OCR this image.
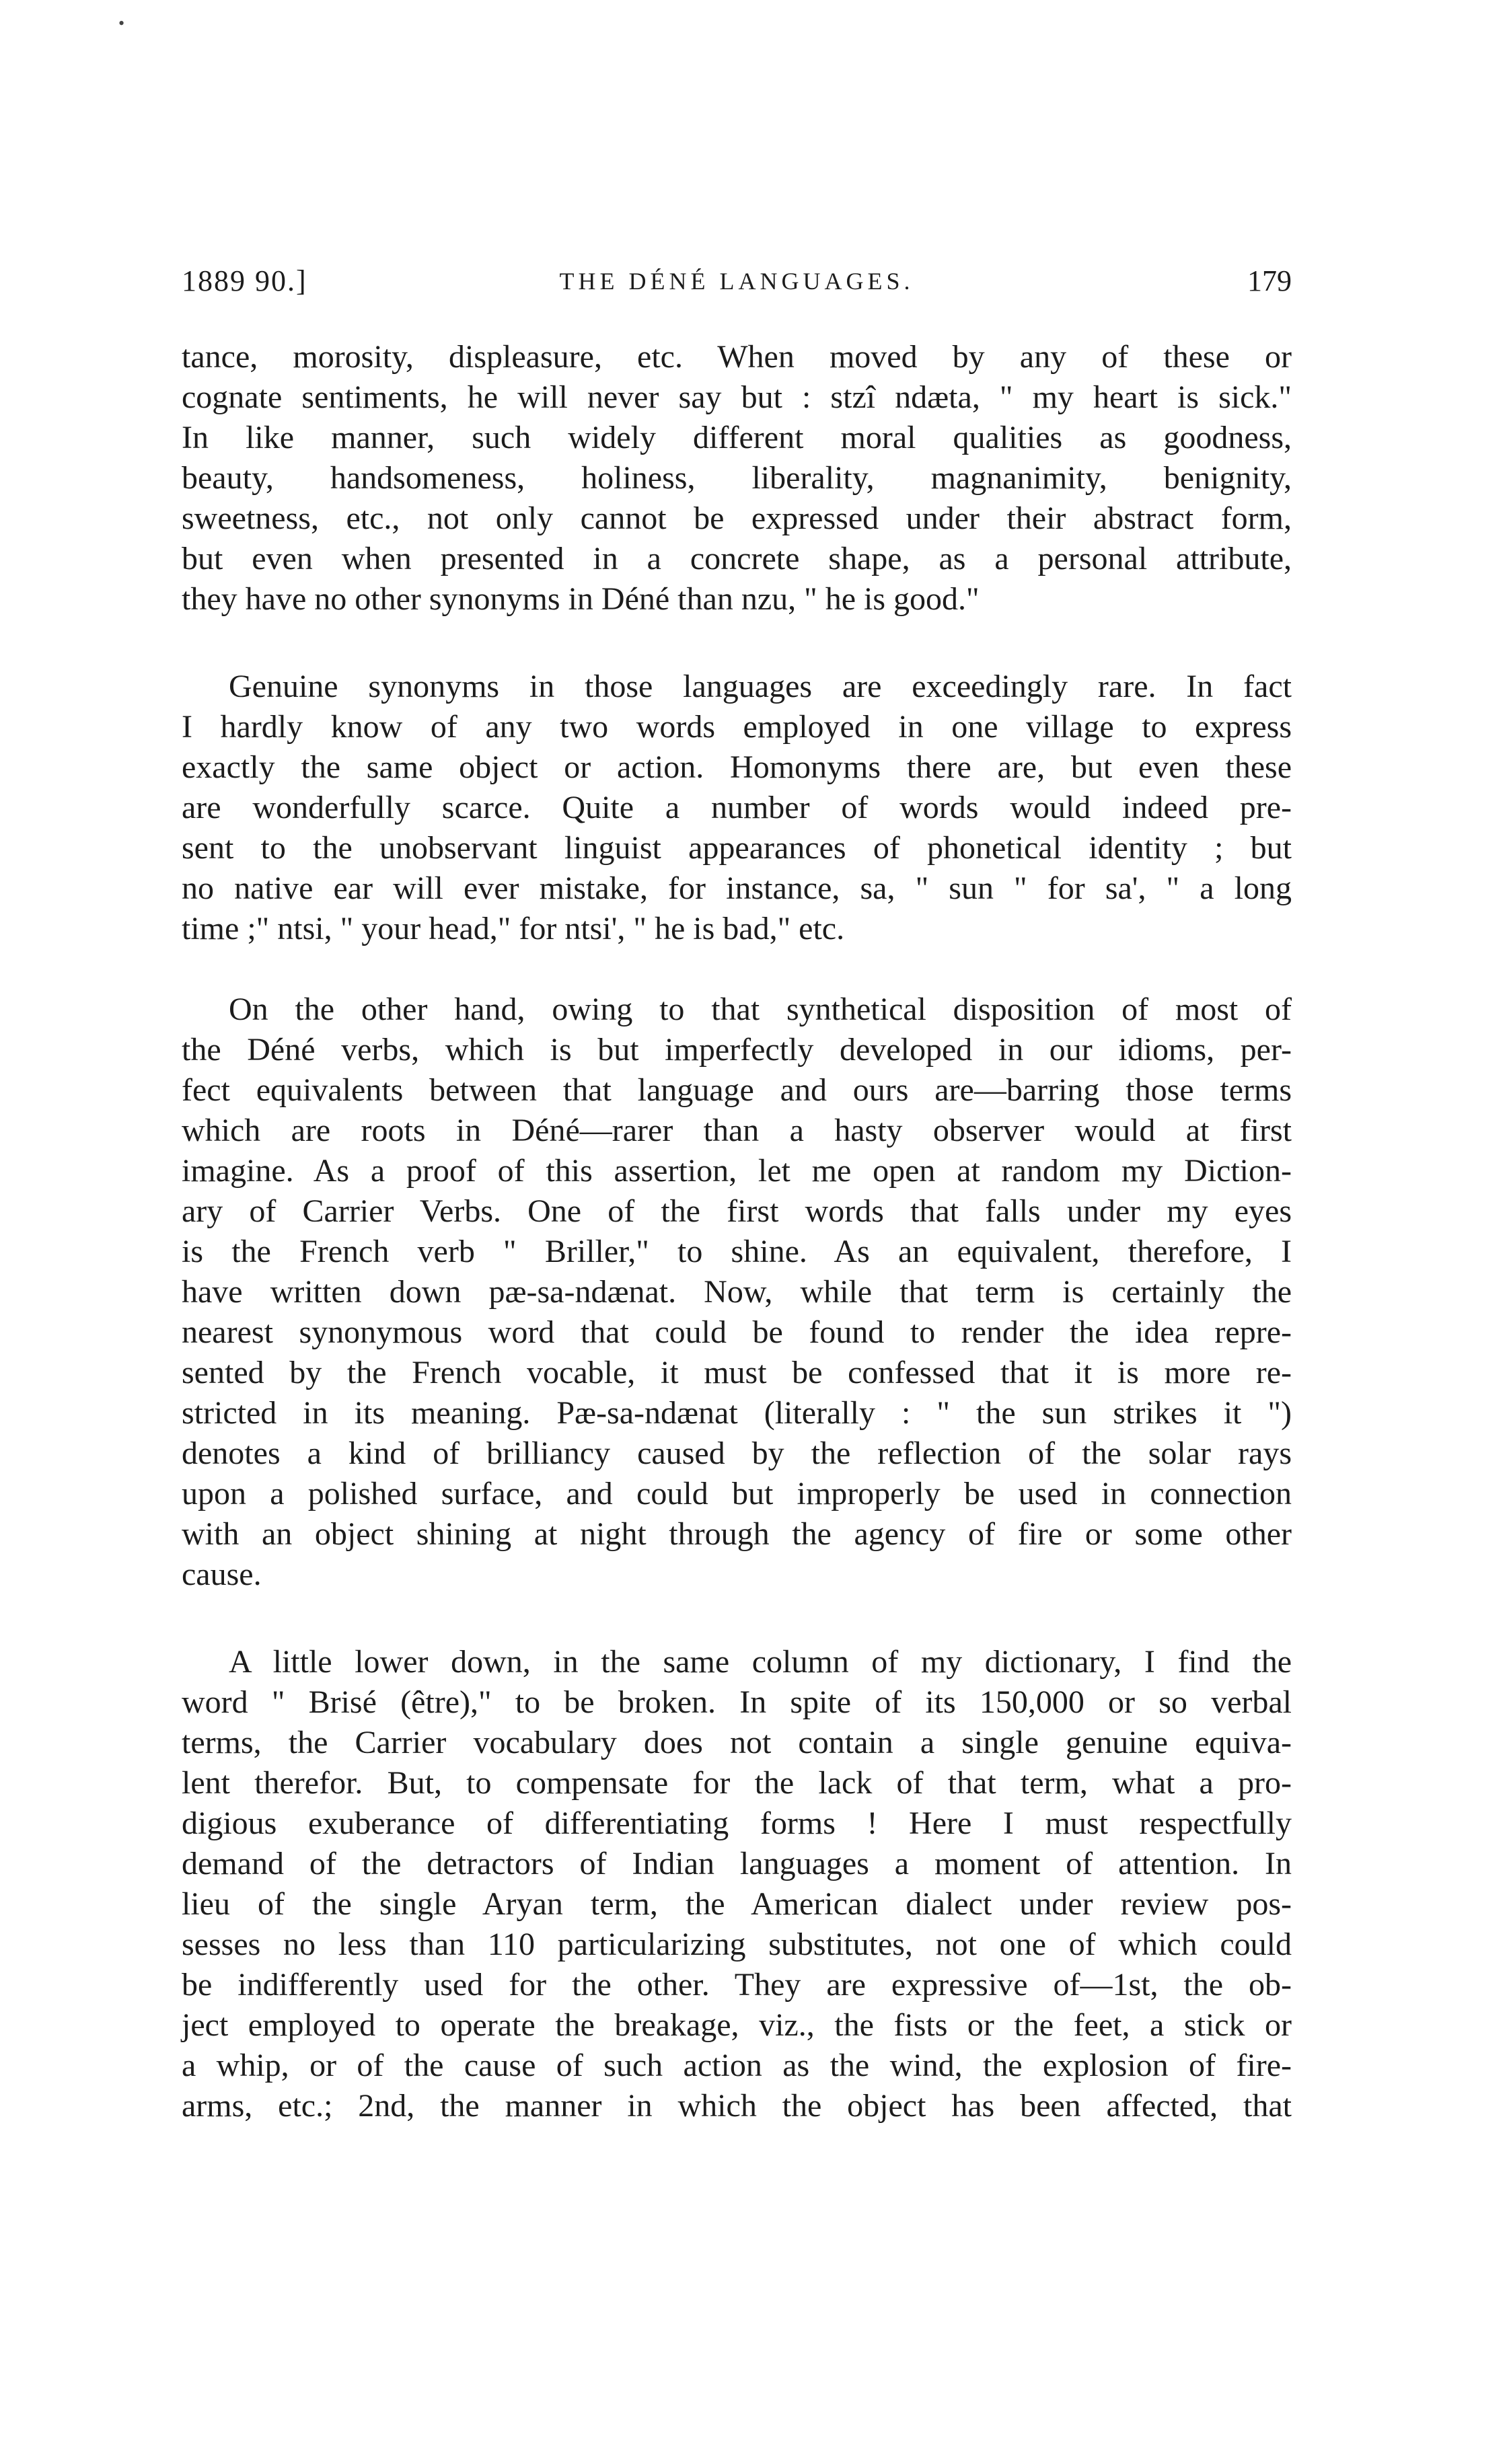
•
1889 90.]	THE DÉNÉ LANGUAGES.	179
tance, morosity, displeasure, etc. When moved by any of these or
cognate sentiments, he will never say but : stzî ndæta, " my heart is sick."
In like manner, such widely different moral qualities as goodness,
beauty, handsomeness, holiness, liberality, magnanimity, benignity,
sweetness, etc., not only cannot be expressed under their abstract form,
but even when presented in a concrete shape, as a personal attribute,
they have no other synonyms in Déné than nzu, " he is good."
Genuine synonyms in those languages are exceedingly rare. In fact
I hardly know of any two words employed in one village to express
exactly the same object or action. Homonyms there are, but even these
are wonderfully scarce. Quite a number of words would indeed pre-
sent to the unobservant linguist appearances of phonetical identity ; but
no native ear will ever mistake, for instance, sa, " sun " for sa', " a long
time ;" ntsi, " your head," for ntsi', " he is bad," etc.
On the other hand, owing to that synthetical disposition of most of
the Déné verbs, which is but imperfectly developed in our idioms, per-
fect equivalents between that language and ours are—barring those terms
which are roots in Déné—rarer than a hasty observer would at first
imagine. As a proof of this assertion, let me open at random my Diction-
ary of Carrier Verbs. One of the first words that falls under my eyes
is the French verb " Briller," to shine. As an equivalent, therefore, I
have written down pæ-sa-ndænat. Now, while that term is certainly the
nearest synonymous word that could be found to render the idea repre-
sented by the French vocable, it must be confessed that it is more re-
stricted in its meaning. Pæ-sa-ndænat (literally : " the sun strikes it ")
denotes a kind of brilliancy caused by the reflection of the solar rays
upon a polished surface, and could but improperly be used in connection
with an object shining at night through the agency of fire or some other
cause.
A little lower down, in the same column of my dictionary, I find the
word " Brisé (être)," to be broken. In spite of its 150,000 or so verbal
terms, the Carrier vocabulary does not contain a single genuine equiva-
lent therefor. But, to compensate for the lack of that term, what a pro-
digious exuberance of differentiating forms ! Here I must respectfully
demand of the detractors of Indian languages a moment of attention. In
lieu of the single Aryan term, the American dialect under review pos-
sesses no less than 110 particularizing substitutes, not one of which could
be indifferently used for the other. They are expressive of—1st, the ob-
ject employed to operate the breakage, viz., the fists or the feet, a stick or
a whip, or of the cause of such action as the wind, the explosion of fire-
arms, etc.; 2nd, the manner in which the object has been affected, that
